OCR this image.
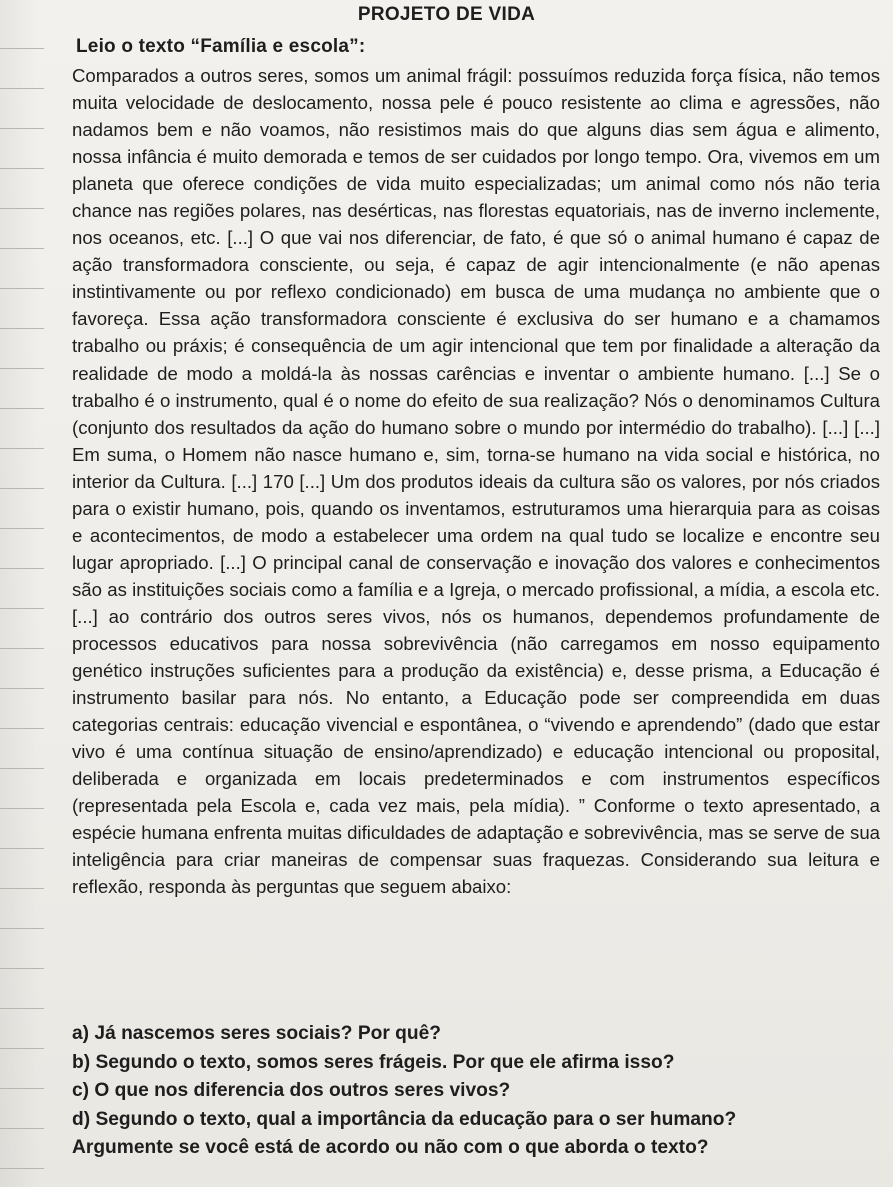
PROJETO DE VIDA
Leio o texto “Família e escola”:

Comparados a outros seres, somos um animal frágil: possuímos reduzida força física, não temos muita velocidade de deslocamento, nossa pele é pouco resistente ao clima e agressões, não nadamos bem e não voamos, não resistimos mais do que alguns dias sem água e alimento, nossa infância é muito demorada e temos de ser cuidados por longo tempo. Ora, vivemos em um planeta que oferece condições de vida muito especializadas; um animal como nós não teria chance nas regiões polares, nas desérticas, nas florestas equatoriais, nas de inverno inclemente, nos oceanos, etc. [...] O que vai nos diferenciar, de fato, é que só o animal humano é capaz de ação transformadora consciente, ou seja, é capaz de agir intencionalmente (e não apenas instintivamente ou por reflexo condicionado) em busca de uma mudança no ambiente que o favoreça. Essa ação transformadora consciente é exclusiva do ser humano e a chamamos trabalho ou práxis; é consequência de um agir intencional que tem por finalidade a alteração da realidade de modo a moldá-la às nossas carências e inventar o ambiente humano. [...] Se o trabalho é o instrumento, qual é o nome do efeito de sua realização? Nós o denominamos Cultura (conjunto dos resultados da ação do humano sobre o mundo por intermédio do trabalho). [...] [...] Em suma, o Homem não nasce humano e, sim, torna-se humano na vida social e histórica, no interior da Cultura. [...] 170 [...] Um dos produtos ideais da cultura são os valores, por nós criados para o existir humano, pois, quando os inventamos, estruturamos uma hierarquia para as coisas e acontecimentos, de modo a estabelecer uma ordem na qual tudo se localize e encontre seu lugar apropriado. [...] O principal canal de conservação e inovação dos valores e conhecimentos são as instituições sociais como a família e a Igreja, o mercado profissional, a mídia, a escola etc.[...] ao contrário dos outros seres vivos, nós os humanos, dependemos profundamente de processos educativos para nossa sobrevivência (não carregamos em nosso equipamento genético instruções suficientes para a produção da existência) e, desse prisma, a Educação é instrumento basilar para nós. No entanto, a Educação pode ser compreendida em duas categorias centrais: educação vivencial e espontânea, o “vivendo e aprendendo” (dado que estar vivo é uma contínua situação de ensino/aprendizado) e educação intencional ou proposital, deliberada e organizada em locais predeterminados e com instrumentos específicos (representada pela Escola e, cada vez mais, pela mídia). ” Conforme o texto apresentado, a espécie humana enfrenta muitas dificuldades de adaptação e sobrevivência, mas se serve de sua inteligência para criar maneiras de compensar suas fraquezas. Considerando sua leitura e reflexão, responda às perguntas que seguem abaixo:

a) Já nascemos seres sociais? Por quê?
b) Segundo o texto, somos seres frágeis. Por que ele afirma isso?
c) O que nos diferencia dos outros seres vivos?
d) Segundo o texto, qual a importância da educação para o ser humano?
Argumente se você está de acordo ou não com o que aborda o texto?
